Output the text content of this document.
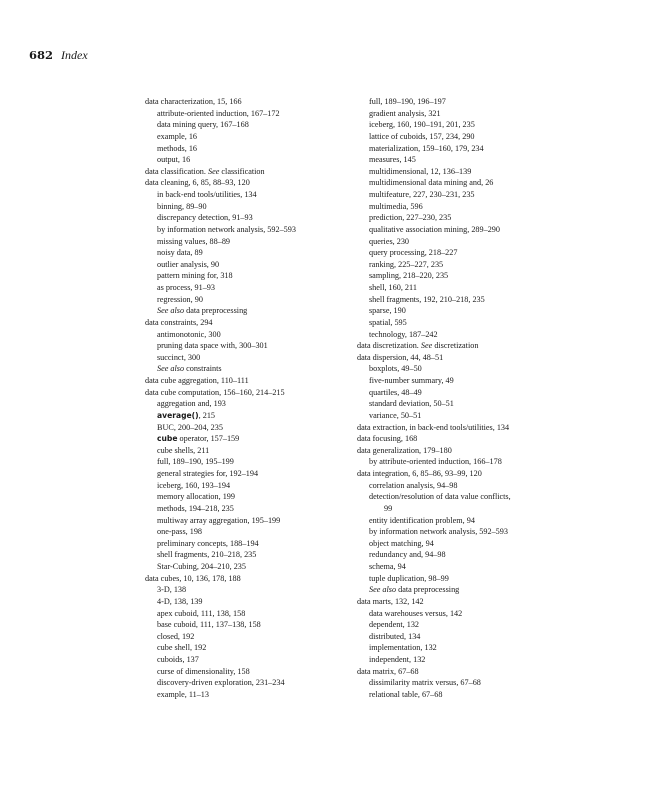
682 Index
data characterization, 15, 166
attribute-oriented induction, 167–172
data mining query, 167–168
example, 16
methods, 16
output, 16
data classification. See classification
data cleaning, 6, 85, 88–93, 120
in back-end tools/utilities, 134
binning, 89–90
discrepancy detection, 91–93
by information network analysis, 592–593
missing values, 88–89
noisy data, 89
outlier analysis, 90
pattern mining for, 318
as process, 91–93
regression, 90
See also data preprocessing
data constraints, 294
antimonotonic, 300
pruning data space with, 300–301
succinct, 300
See also constraints
data cube aggregation, 110–111
data cube computation, 156–160, 214–215
aggregation and, 193
average(), 215
BUC, 200–204, 235
cube operator, 157–159
cube shells, 211
full, 189–190, 195–199
general strategies for, 192–194
iceberg, 160, 193–194
memory allocation, 199
methods, 194–218, 235
multiway array aggregation, 195–199
one-pass, 198
preliminary concepts, 188–194
shell fragments, 210–218, 235
Star-Cubing, 204–210, 235
data cubes, 10, 136, 178, 188
3-D, 138
4-D, 138, 139
apex cuboid, 111, 138, 158
base cuboid, 111, 137–138, 158
closed, 192
cube shell, 192
cuboids, 137
curse of dimensionality, 158
discovery-driven exploration, 231–234
example, 11–13
full, 189–190, 196–197
gradient analysis, 321
iceberg, 160, 190–191, 201, 235
lattice of cuboids, 157, 234, 290
materialization, 159–160, 179, 234
measures, 145
multidimensional, 12, 136–139
multidimensional data mining and, 26
multifeature, 227, 230–231, 235
multimedia, 596
prediction, 227–230, 235
qualitative association mining, 289–290
queries, 230
query processing, 218–227
ranking, 225–227, 235
sampling, 218–220, 235
shell, 160, 211
shell fragments, 192, 210–218, 235
sparse, 190
spatial, 595
technology, 187–242
data discretization. See discretization
data dispersion, 44, 48–51
boxplots, 49–50
five-number summary, 49
quartiles, 48–49
standard deviation, 50–51
variance, 50–51
data extraction, in back-end tools/utilities, 134
data focusing, 168
data generalization, 179–180
by attribute-oriented induction, 166–178
data integration, 6, 85–86, 93–99, 120
correlation analysis, 94–98
detection/resolution of data value conflicts,
99
entity identification problem, 94
by information network analysis, 592–593
object matching, 94
redundancy and, 94–98
schema, 94
tuple duplication, 98–99
See also data preprocessing
data marts, 132, 142
data warehouses versus, 142
dependent, 132
distributed, 134
implementation, 132
independent, 132
data matrix, 67–68
dissimilarity matrix versus, 67–68
relational table, 67–68
